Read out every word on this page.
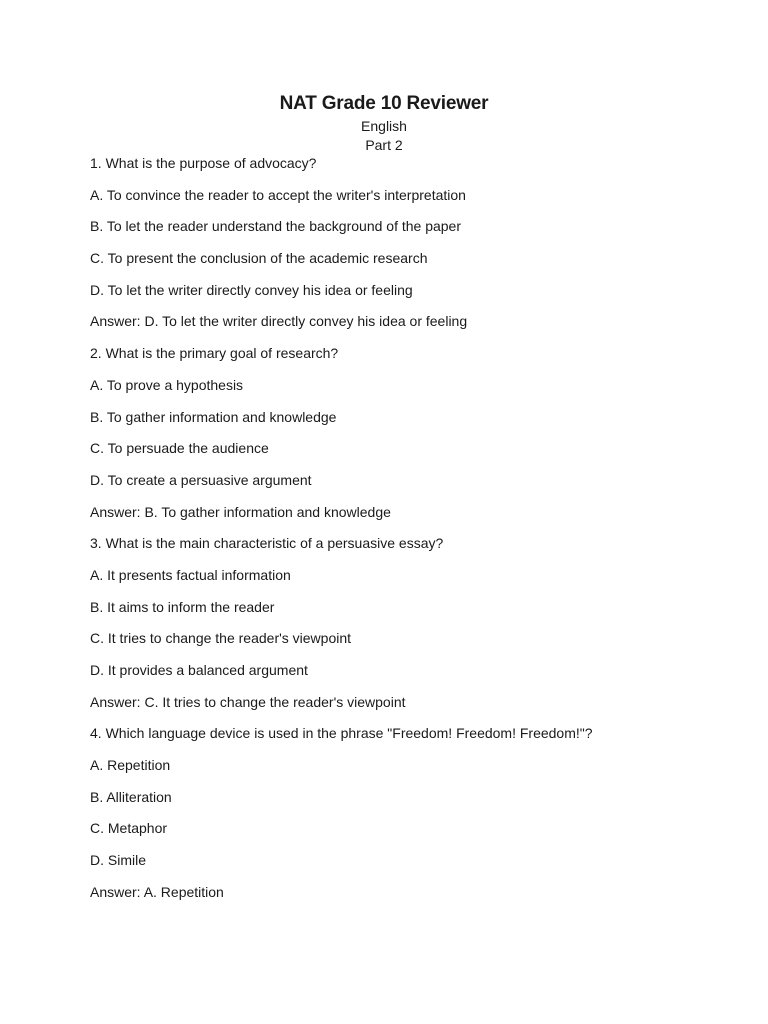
NAT Grade 10 Reviewer
English
Part 2
1. What is the purpose of advocacy?
A. To convince the reader to accept the writer's interpretation
B. To let the reader understand the background of the paper
C. To present the conclusion of the academic research
D. To let the writer directly convey his idea or feeling
Answer: D. To let the writer directly convey his idea or feeling
2. What is the primary goal of research?
A. To prove a hypothesis
B. To gather information and knowledge
C. To persuade the audience
D. To create a persuasive argument
Answer: B. To gather information and knowledge
3. What is the main characteristic of a persuasive essay?
A. It presents factual information
B. It aims to inform the reader
C. It tries to change the reader's viewpoint
D. It provides a balanced argument
Answer: C. It tries to change the reader's viewpoint
4. Which language device is used in the phrase "Freedom! Freedom! Freedom!"?
A. Repetition
B. Alliteration
C. Metaphor
D. Simile
Answer: A. Repetition
